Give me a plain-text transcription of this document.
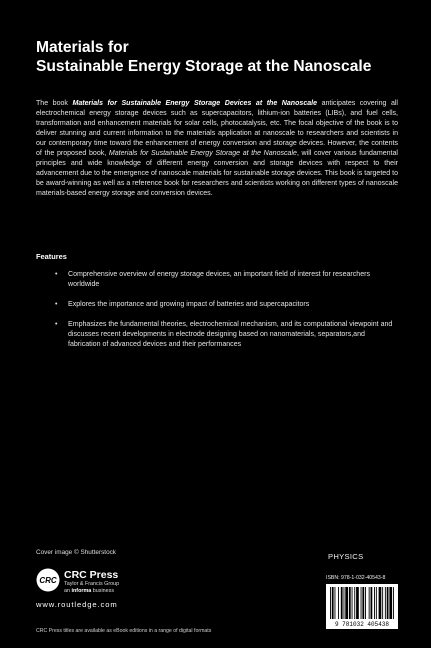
Materials for
Sustainable Energy Storage at the Nanoscale
The book Materials for Sustainable Energy Storage Devices at the Nanoscale anticipates covering all electrochemical energy storage devices such as supercapacitors, lithium-ion batteries (LIBs), and fuel cells, transformation and enhancement materials for solar cells, photocatalysis, etc. The focal objective of the book is to deliver stunning and current information to the materials application at nanoscale to researchers and scientists in our contemporary time toward the enhancement of energy conversion and storage devices. However, the contents of the proposed book, Materials for Sustainable Energy Storage at the Nanoscale, will cover various fundamental principles and wide knowledge of different energy conversion and storage devices with respect to their advancement due to the emergence of nanoscale materials for sustainable storage devices. This book is targeted to be award-winning as well as a reference book for researchers and scientists working on different types of nanoscale materials-based energy storage and conversion devices.
Features
• Comprehensive overview of energy storage devices, an important field of interest for researchers worldwide
• Explores the importance and growing impact of batteries and supercapacitors
• Emphasizes the fundamental theories, electrochemical mechanism, and its computational viewpoint and discusses recent developments in electrode designing based on nanomaterials, separators,and fabrication of advanced devices and their performances
Cover image © Shutterstock	PHYSICS
CRC CRC Press
Taylor & Francis Group
an informa business
www.routledge.com
ISBN: 978-1-032-40543-8
9 781032 405438
CRC Press titles are available as eBook editions in a range of digital formats
